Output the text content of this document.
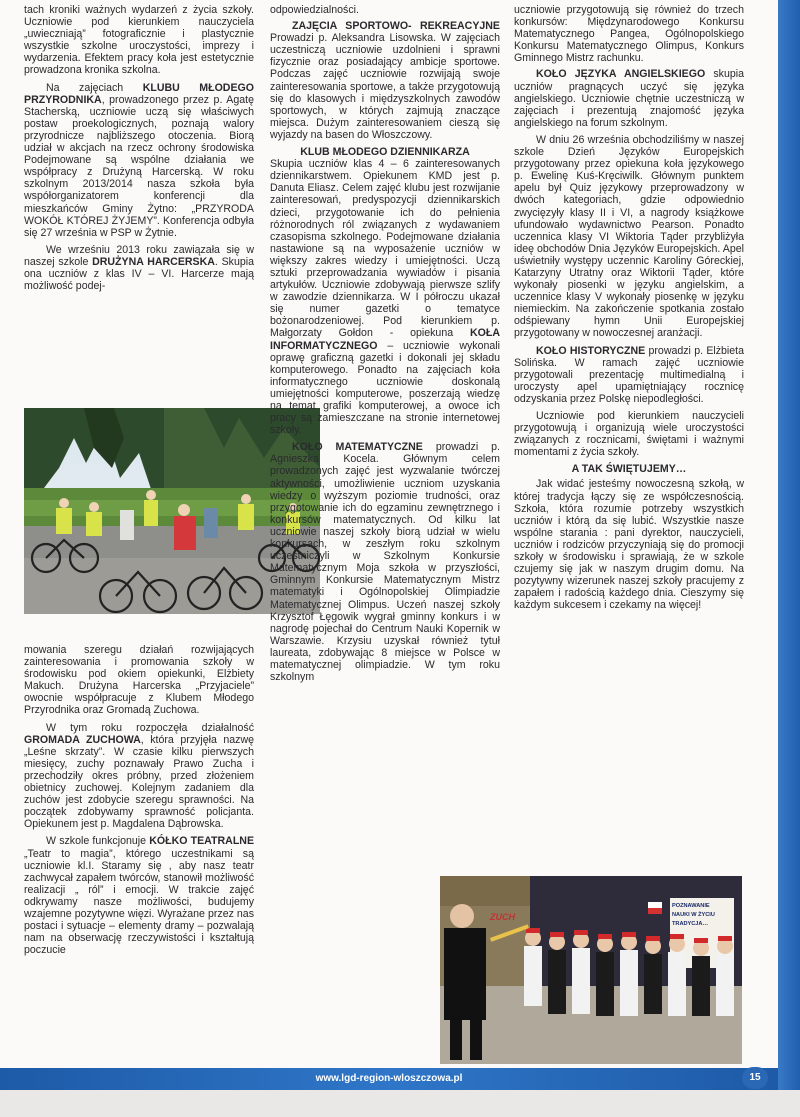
tach kroniki ważnych wydarzeń z życia szkoły. Uczniowie pod kierunkiem nauczyciela „uwieczniają” fotograficznie i plastycznie wszystkie szkolne uroczystości, imprezy i wydarzenia. Efektem pracy koła jest estetycznie prowadzona kronika szkolna.

Na zajęciach KLUBU MŁODEGO PRZYRODNIKA, prowadzonego przez p. Agatę Stacherską, uczniowie uczą się właściwych postaw proekologicznych, poznają walory przyrodnicze najbliższego otoczenia. Biorą udział w akcjach na rzecz ochrony środowiska Podejmowane są wspólne działania we współpracy z Drużyną Harcerską. W roku szkolnym 2013/2014 nasza szkoła była współorganizatorem konferencji dla mieszkańców Gminy Żytno: „PRZYRODA WOKÓŁ KTÓREJ ŻYJEMY”. Konferencja odbyła się 27 września w PSP w Żytnie.

We wrześniu 2013 roku zawiązała się w naszej szkole DRUŻYNA HARCERSKA. Skupia ona uczniów z klas IV – VI. Harcerze mają możliwość podej-

mowania szeregu działań rozwijających zainteresowania i promowania szkoły w środowisku pod okiem opiekunki, Elżbiety Makuch. Drużyna Harcerska „Przyjaciele” owocnie współpracuje z Klubem Młodego Przyrodnika oraz Gromadą Zuchowa.

W tym roku rozpoczęła działalność GROMADA ZUCHOWA, która przyjęła nazwę „Leśne skrzaty”. W czasie kilku pierwszych miesięcy, zuchy poznawały Prawo Zucha i przechodziły okres próbny, przed złożeniem obietnicy zuchowej. Kolejnym zadaniem dla zuchów jest zdobycie szeregu sprawności. Na początek zdobywamy sprawność policjanta. Opiekunem jest p. Magdalena Dąbrowska.

W szkole funkcjonuje KÓŁKO TEATRALNE „Teatr to magia”, którego uczestnikami są uczniowie kl.I. Staramy się , aby nasz teatr zachwycał zapałem twórców, stanowił możliwość realizacji „ ról” i emocji. W trakcie zajęć odkrywamy nasze możliwości, budujemy wzajemne pozytywne więzi. Wyrażane przez nas postaci i sytuacje – elementy dramy – pozwalają nam na obserwację rzeczywistości i kształtują poczucie

odpowiedzialności.

ZAJĘCIA SPORTOWO- REKREACYJNE Prowadzi p. Aleksandra Lisowska. W zajęciach uczestniczą uczniowie uzdolnieni i sprawni fizycznie oraz posiadający ambicje sportowe. Podczas zajęć uczniowie rozwijają swoje zainteresowania sportowe, a także przygotowują się do klasowych i międzyszkolnych zawodów sportowych, w których zajmują znaczące miejsca. Dużym zainteresowaniem cieszą się wyjazdy na basen do Włoszczowy.

KLUB MŁODEGO DZIENNIKARZA

Skupia uczniów klas 4 – 6 zainteresowanych dziennikarstwem. Opiekunem KMD jest p. Danuta Eliasz. Celem zajęć klubu jest rozwijanie zainteresowań, predyspozycji dziennikarskich dzieci, przygotowanie ich do pełnienia różnorodnych ról związanych z wydawaniem czasopisma szkolnego. Podejmowane działania nastawione są na wyposażenie uczniów w większy zakres wiedzy i umiejętności. Uczą sztuki przeprowadzania wywiadów i pisania artykułów. Uczniowie zdobywają pierwsze szlify w zawodzie dziennikarza. W I półroczu ukazał się numer gazetki o tematyce bożonarodzeniowej. Pod kierunkiem p. Małgorzaty Gołdon - opiekuna KOŁA INFORMATYCZNEGO – uczniowie wykonali oprawę graficzną gazetki i dokonali jej składu komputerowego. Ponadto na zajęciach koła informatycznego uczniowie doskonalą umiejętności komputerowe, poszerzają wiedzę na temat grafiki komputerowej, a owoce ich pracy są zamieszczane na stronie internetowej szkoły.

KOŁO MATEMATYCZNE prowadzi p. Agnieszka Kocela. Głównym celem prowadzonych zajęć jest wyzwalanie twórczej aktywności, umożliwienie uczniom uzyskania wiedzy o wyższym poziomie trudności, oraz przygotowanie ich do egzaminu zewnętrznego i konkursów matematycznych. Od kilku lat uczniowie naszej szkoły biorą udział w wielu konkursach, w zeszłym roku szkolnym uczestniczyli w Szkolnym Konkursie Matematycznym Moja szkoła w przyszłości, Gminnym Konkursie Matematycznym Mistrz matematyki i Ogólnopolskiej Olimpiadzie Matematycznej Olimpus. Uczeń naszej szkoły Krzysztof Łęgowik wygrał gminny konkurs i w nagrodę pojechał do Centrum Nauki Kopernik w Warszawie. Krzysiu uzyskał również tytuł laureata, zdobywając 8 miejsce w Polsce w matematycznej olimpiadzie. W tym roku szkolnym

uczniowie przygotowują się również do trzech konkursów: Międzynarodowego Konkursu Matematycznego Pangea, Ogólnopolskiego Konkursu Matematycznego Olimpus, Konkurs Gminnego Mistrz rachunku.

KOŁO JĘZYKA ANGIELSKIEGO skupia uczniów pragnących uczyć się języka angielskiego. Uczniowie chętnie uczestniczą w zajęciach i prezentują znajomość języka angielskiego na forum szkolnym.

W dniu 26 września obchodziliśmy w naszej szkole Dzień Języków Europejskich przygotowany przez opiekuna koła językowego p. Ewelinę Kuś-Kręciwilk. Głównym punktem apelu był Quiz językowy przeprowadzony w dwóch kategoriach, gdzie odpowiednio zwycięzyły klasy II i VI, a nagrody książkowe ufundowało wydawnictwo Pearson. Ponadto uczennica klasy VI Wiktoria Tąder przybliżyła ideę obchodów Dnia Języków Europejskich. Apel uświetniły występy uczennic Karoliny Góreckiej, Katarzyny Utratny oraz Wiktorii Tąder, które wykonały piosenki w języku angielskim, a uczennice klasy V wykonały piosenkę w języku niemieckim. Na zakończenie spotkania zostało odśpiewany hymn Unii Europejskiej przygotowany w nowoczesnej aranżacji.

KOŁO HISTORYCZNE prowadzi p. Elżbieta Solińska. W ramach zajęć uczniowie przygotowali prezentację multimedialną i uroczysty apel upamiętniający rocznicę odzyskania przez Polskę niepodległości.

Uczniowie pod kierunkiem nauczycieli przygotowują i organizują wiele uroczystości związanych z rocznicami, świętami i ważnymi momentami z życia szkoły.

A TAK ŚWIĘTUJEMY…

Jak widać jesteśmy nowoczesną szkołą, w której tradycja łączy się ze współczesnością. Szkoła, która rozumie potrzeby wszystkich uczniów i którą da się lubić. Wszystkie nasze wspólne starania : pani dyrektor, nauczycieli, uczniów i rodziców przyczyniają się do promocji szkoły w środowisku i sprawiają, że w szkole czujemy się jak w naszym drugim domu. Na pozytywny wizerunek naszej szkoły pracujemy z zapałem i radością każdego dnia. Cieszymy się każdym sukcesem i czekamy na więcej!

POZNAWANIE
NAUKI W ŻYCIU
TRADYCJA…
ZUCH
www.lgd-region-wloszczowa.pl	15
